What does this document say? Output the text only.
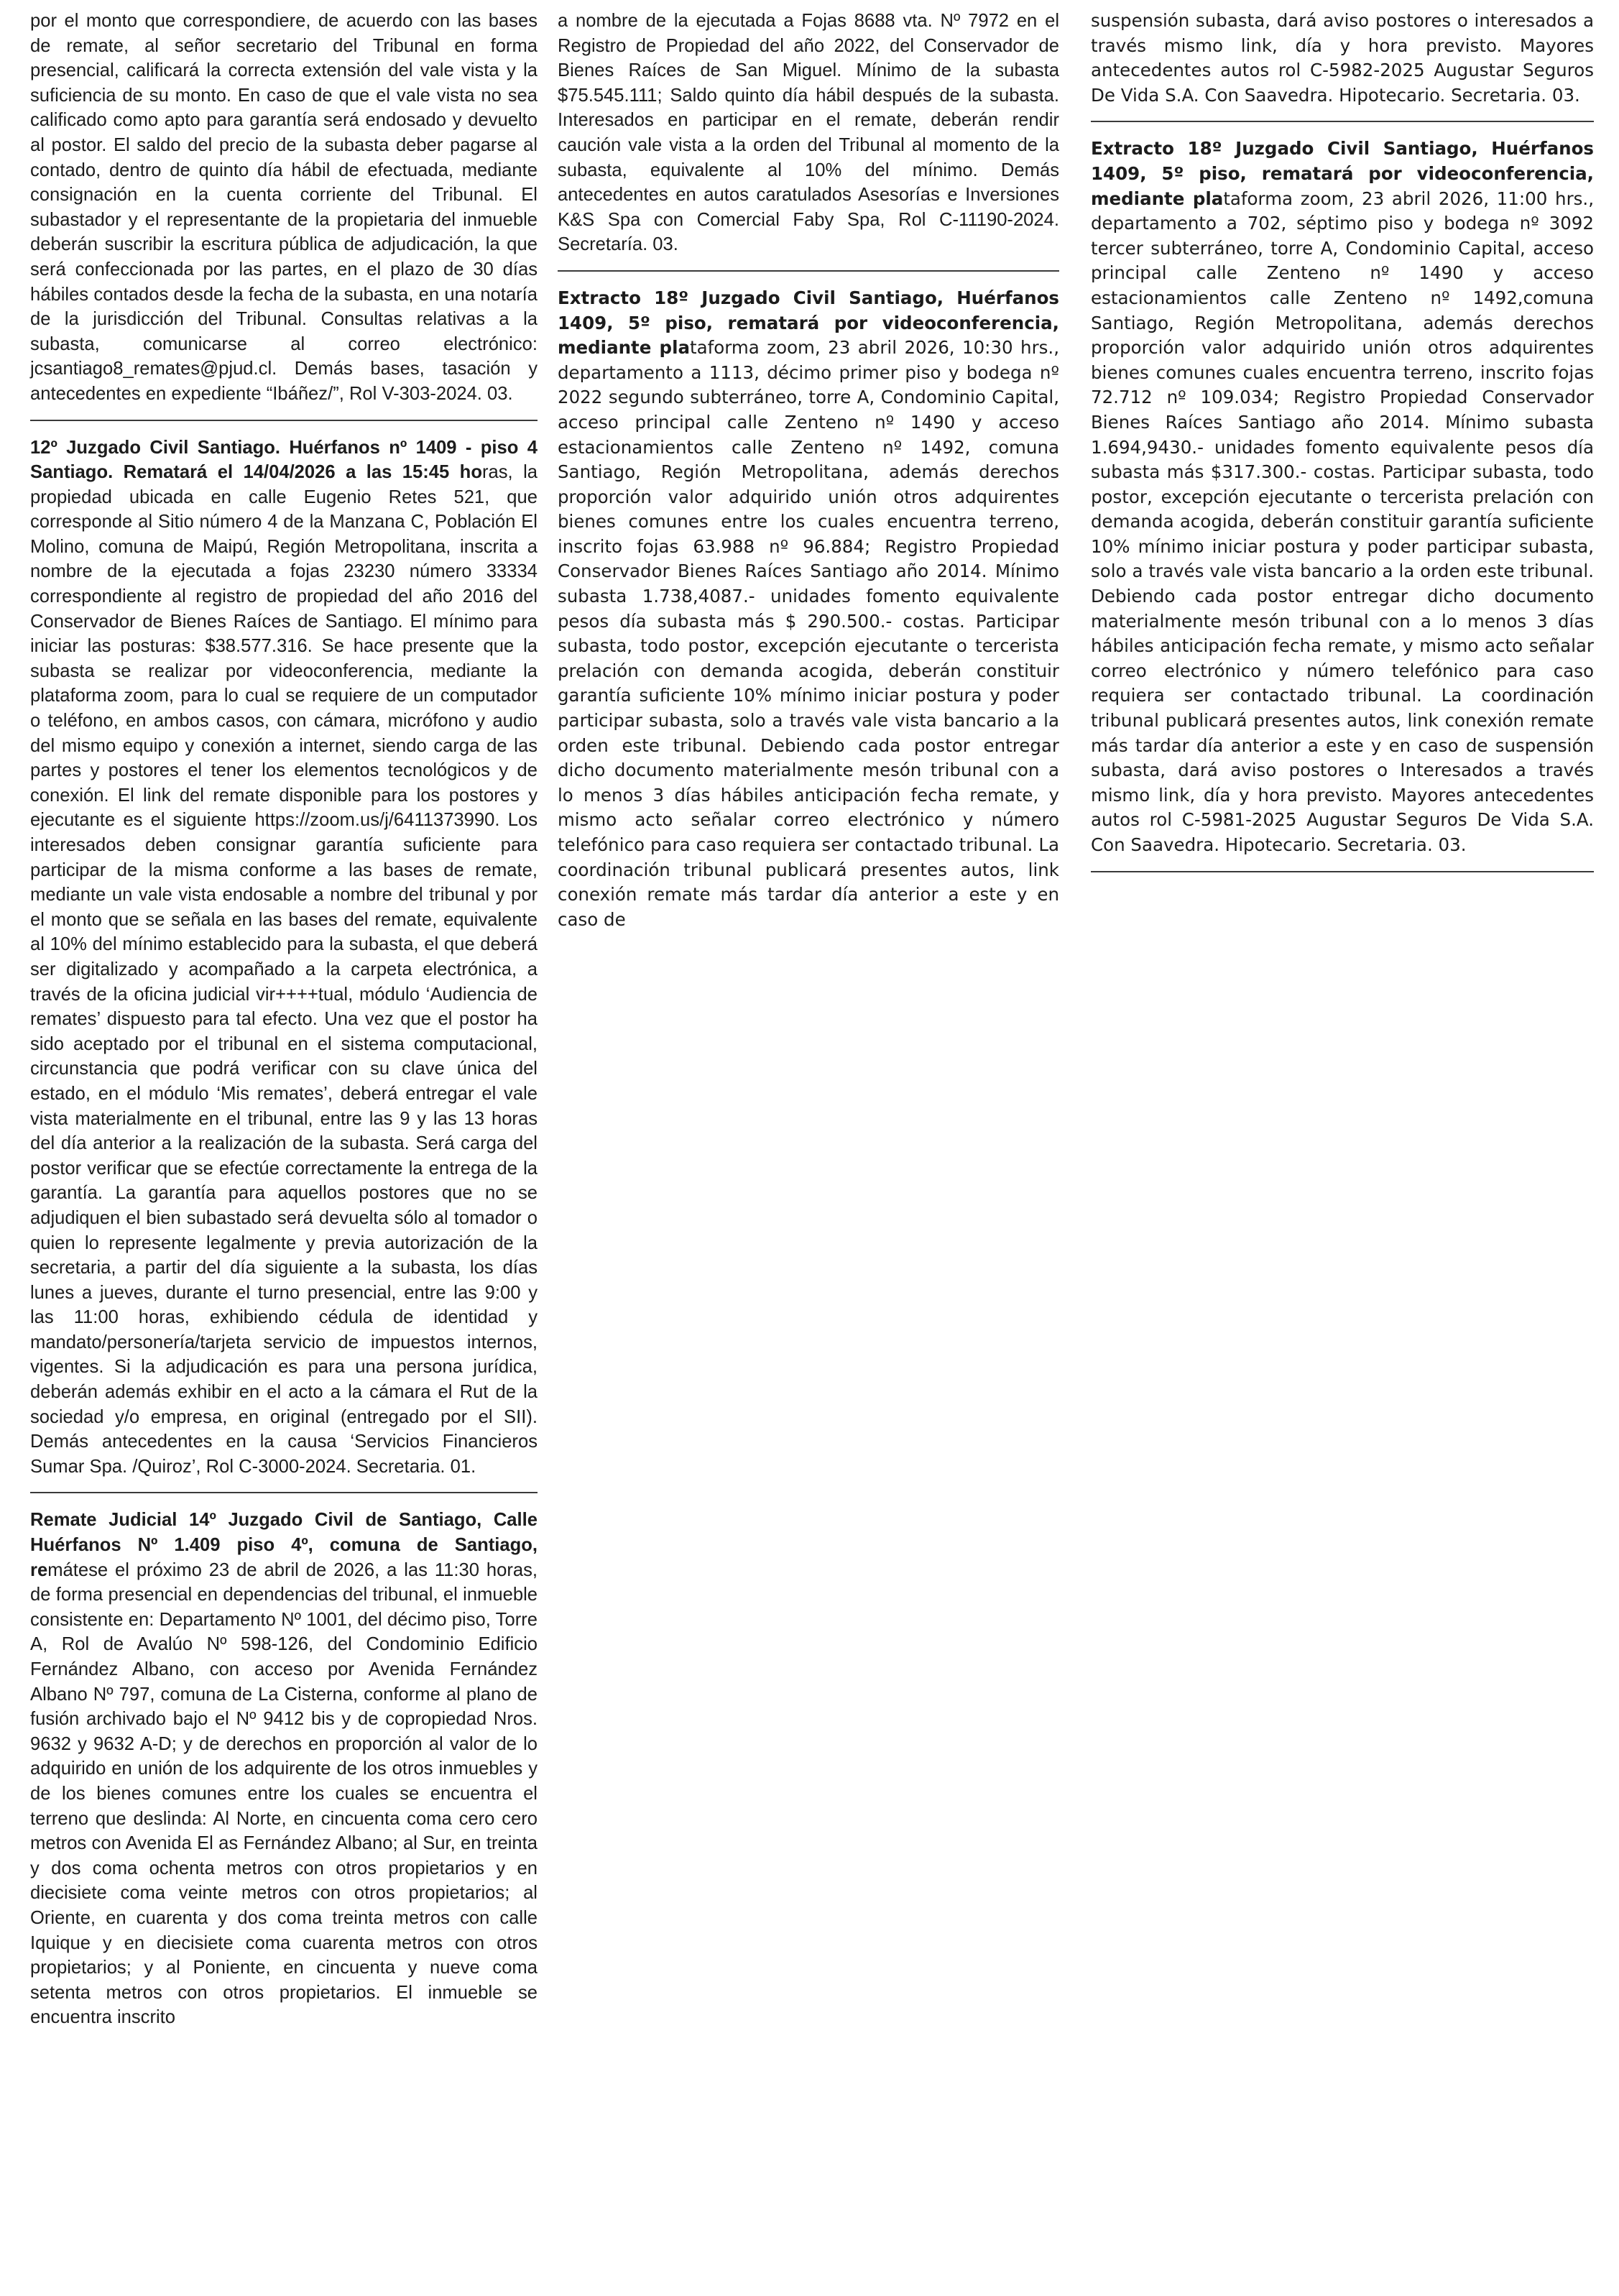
por el monto que correspondiere, de acuerdo con las bases de remate, al señor secretario del Tribunal en forma presencial, calificará la correcta extensión del vale vista y la suficiencia de su monto. En caso de que el vale vista no sea calificado como apto para garantía será endosado y devuelto al postor. El saldo del precio de la subasta deber pagarse al contado, dentro de quinto día hábil de efectuada, mediante consignación en la cuenta corriente del Tribunal. El subastador y el representante de la propietaria del inmueble deberán suscribir la escritura pública de adjudicación, la que será confeccionada por las partes, en el plazo de 30 días hábiles contados desde la fecha de la subasta, en una notaría de la jurisdicción del Tribunal. Consultas relativas a la subasta, comunicarse al correo electrónico: jcsantiago8_remates@pjud.cl. Demás bases, tasación y antecedentes en expediente “Ibáñez/”, Rol V-303-2024. 03.

12º Juzgado Civil Santiago. Huérfanos nº 1409 - piso 4 Santiago. Rematará el 14/04/2026 a las 15:45 horas, la propiedad ubicada en calle Eugenio Retes 521, que corresponde al Sitio número 4 de la Manzana C, Población El Molino, comuna de Maipú, Región Metropolitana, inscrita a nombre de la ejecutada a fojas 23230 número 33334 correspondiente al registro de propiedad del año 2016 del Conservador de Bienes Raíces de Santiago. El mínimo para iniciar las posturas: $38.577.316. Se hace presente que la subasta se realizar por videoconferencia, mediante la plataforma zoom, para lo cual se requiere de un computador o teléfono, en ambos casos, con cámara, micrófono y audio del mismo equipo y conexión a internet, siendo carga de las partes y postores el tener los elementos tecnológicos y de conexión. El link del remate disponible para los postores y ejecutante es el siguiente https://zoom.us/j/6411373990. Los interesados deben consignar garantía suficiente para participar de la misma conforme a las bases de remate, mediante un vale vista endosable a nombre del tribunal y por el monto que se señala en las bases del remate, equivalente al 10% del mínimo establecido para la subasta, el que deberá ser digitalizado y acompañado a la carpeta electrónica, a través de la oficina judicial vir++++tual, módulo ‘Audiencia de remates’ dispuesto para tal efecto. Una vez que el postor ha sido aceptado por el tribunal en el sistema computacional, circunstancia que podrá verificar con su clave única del estado, en el módulo ‘Mis remates’, deberá entregar el vale vista materialmente en el tribunal, entre las 9 y las 13 horas del día anterior a la realización de la subasta. Será carga del postor verificar que se efectúe correctamente la entrega de la garantía. La garantía para aquellos postores que no se adjudiquen el bien subastado será devuelta sólo al tomador o quien lo represente legalmente y previa autorización de la secretaria, a partir del día siguiente a la subasta, los días lunes a jueves, durante el turno presencial, entre las 9:00 y las 11:00 horas, exhibiendo cédula de identidad y mandato/personería/tarjeta servicio de impuestos internos, vigentes. Si la adjudicación es para una persona jurídica, deberán además exhibir en el acto a la cámara el Rut de la sociedad y/o empresa, en original (entregado por el SII). Demás antecedentes en la causa ‘Servicios Financieros Sumar Spa. /Quiroz’, Rol C-3000-2024. Secretaria. 01.

Remate Judicial 14º Juzgado Civil de Santiago, Calle Huérfanos Nº 1.409 piso 4º, comuna de Santiago, remátese el próximo 23 de abril de 2026, a las 11:30 horas, de forma presencial en dependencias del tribunal, el inmueble consistente en: Departamento Nº 1001, del décimo piso, Torre A, Rol de Avalúo Nº 598-126, del Condominio Edificio Fernández Albano, con acceso por Avenida Fernández Albano Nº 797, comuna de La Cisterna, conforme al plano de fusión archivado bajo el Nº 9412 bis y de copropiedad Nros. 9632 y 9632 A-D; y de derechos en proporción al valor de lo adquirido en unión de los adquirente de los otros inmuebles y de los bienes comunes entre los cuales se encuentra el terreno que deslinda: Al Norte, en cincuenta coma cero cero metros con Avenida El as Fernández Albano; al Sur, en treinta y dos coma ochenta metros con otros propietarios y en diecisiete coma veinte metros con otros propietarios; al Oriente, en cuarenta y dos coma treinta metros con calle Iquique y en diecisiete coma cuarenta metros con otros propietarios; y al Poniente, en cincuenta y nueve coma setenta metros con otros propietarios. El inmueble se encuentra inscrito

a nombre de la ejecutada a Fojas 8688 vta. Nº 7972 en el Registro de Propiedad del año 2022, del Conservador de Bienes Raíces de San Miguel. Mínimo de la subasta $75.545.111; Saldo quinto día hábil después de la subasta. Interesados en participar en el remate, deberán rendir caución vale vista a la orden del Tribunal al momento de la subasta, equivalente al 10% del mínimo. Demás antecedentes en autos caratulados Asesorías e Inversiones K&S Spa con Comercial Faby Spa, Rol C-11190-2024. Secretaría. 03.

Extracto 18º Juzgado Civil Santiago, Huérfanos 1409, 5º piso, rematará por videoconferencia, mediante plataforma zoom, 23 abril 2026, 10:30 hrs., departamento a 1113, décimo primer piso y bodega nº 2022 segundo subterráneo, torre A, Condominio Capital, acceso principal calle Zenteno nº 1490 y acceso estacionamientos calle Zenteno nº 1492, comuna Santiago, Región Metropolitana, además derechos proporción valor adquirido unión otros adquirentes bienes comunes entre los cuales encuentra terreno, inscrito fojas 63.988 nº 96.884; Registro Propiedad Conservador Bienes Raíces Santiago año 2014. Mínimo subasta 1.738,4087.- unidades fomento equivalente pesos día subasta más $ 290.500.- costas. Participar subasta, todo postor, excepción ejecutante o tercerista prelación con demanda acogida, deberán constituir garantía suficiente 10% mínimo iniciar postura y poder participar subasta, solo a través vale vista bancario a la orden este tribunal. Debiendo cada postor entregar dicho documento materialmente mesón tribunal con a lo menos 3 días hábiles anticipación fecha remate, y mismo acto señalar correo electrónico y número telefónico para caso requiera ser contactado tribunal. La coordinación tribunal publicará presentes autos, link conexión remate más tardar día anterior a este y en caso de

suspensión subasta, dará aviso postores o interesados a través mismo link, día y hora previsto. Mayores antecedentes autos rol C-5982-2025 Augustar Seguros De Vida S.A. Con Saavedra. Hipotecario. Secretaria. 03.

Extracto 18º Juzgado Civil Santiago, Huérfanos 1409, 5º piso, rematará por videoconferencia, mediante plataforma zoom, 23 abril 2026, 11:00 hrs., departamento a 702, séptimo piso y bodega nº 3092 tercer subterráneo, torre A, Condominio Capital, acceso principal calle Zenteno nº 1490 y acceso estacionamientos calle Zenteno nº 1492,comuna Santiago, Región Metropolitana, además derechos proporción valor adquirido unión otros adquirentes bienes comunes cuales encuentra terreno, inscrito fojas 72.712 nº 109.034; Registro Propiedad Conservador Bienes Raíces Santiago año 2014. Mínimo subasta 1.694,9430.- unidades fomento equivalente pesos día subasta más $317.300.- costas. Participar subasta, todo postor, excepción ejecutante o tercerista prelación con demanda acogida, deberán constituir garantía suficiente 10% mínimo iniciar postura y poder participar subasta, solo a través vale vista bancario a la orden este tribunal. Debiendo cada postor entregar dicho documento materialmente mesón tribunal con a lo menos 3 días hábiles anticipación fecha remate, y mismo acto señalar correo electrónico y número telefónico para caso requiera ser contactado tribunal. La coordinación tribunal publicará presentes autos, link conexión remate más tardar día anterior a este y en caso de suspensión subasta, dará aviso postores o Interesados a través mismo link, día y hora previsto. Mayores antecedentes autos rol C-5981-2025 Augustar Seguros De Vida S.A. Con Saavedra. Hipotecario. Secretaria. 03.
